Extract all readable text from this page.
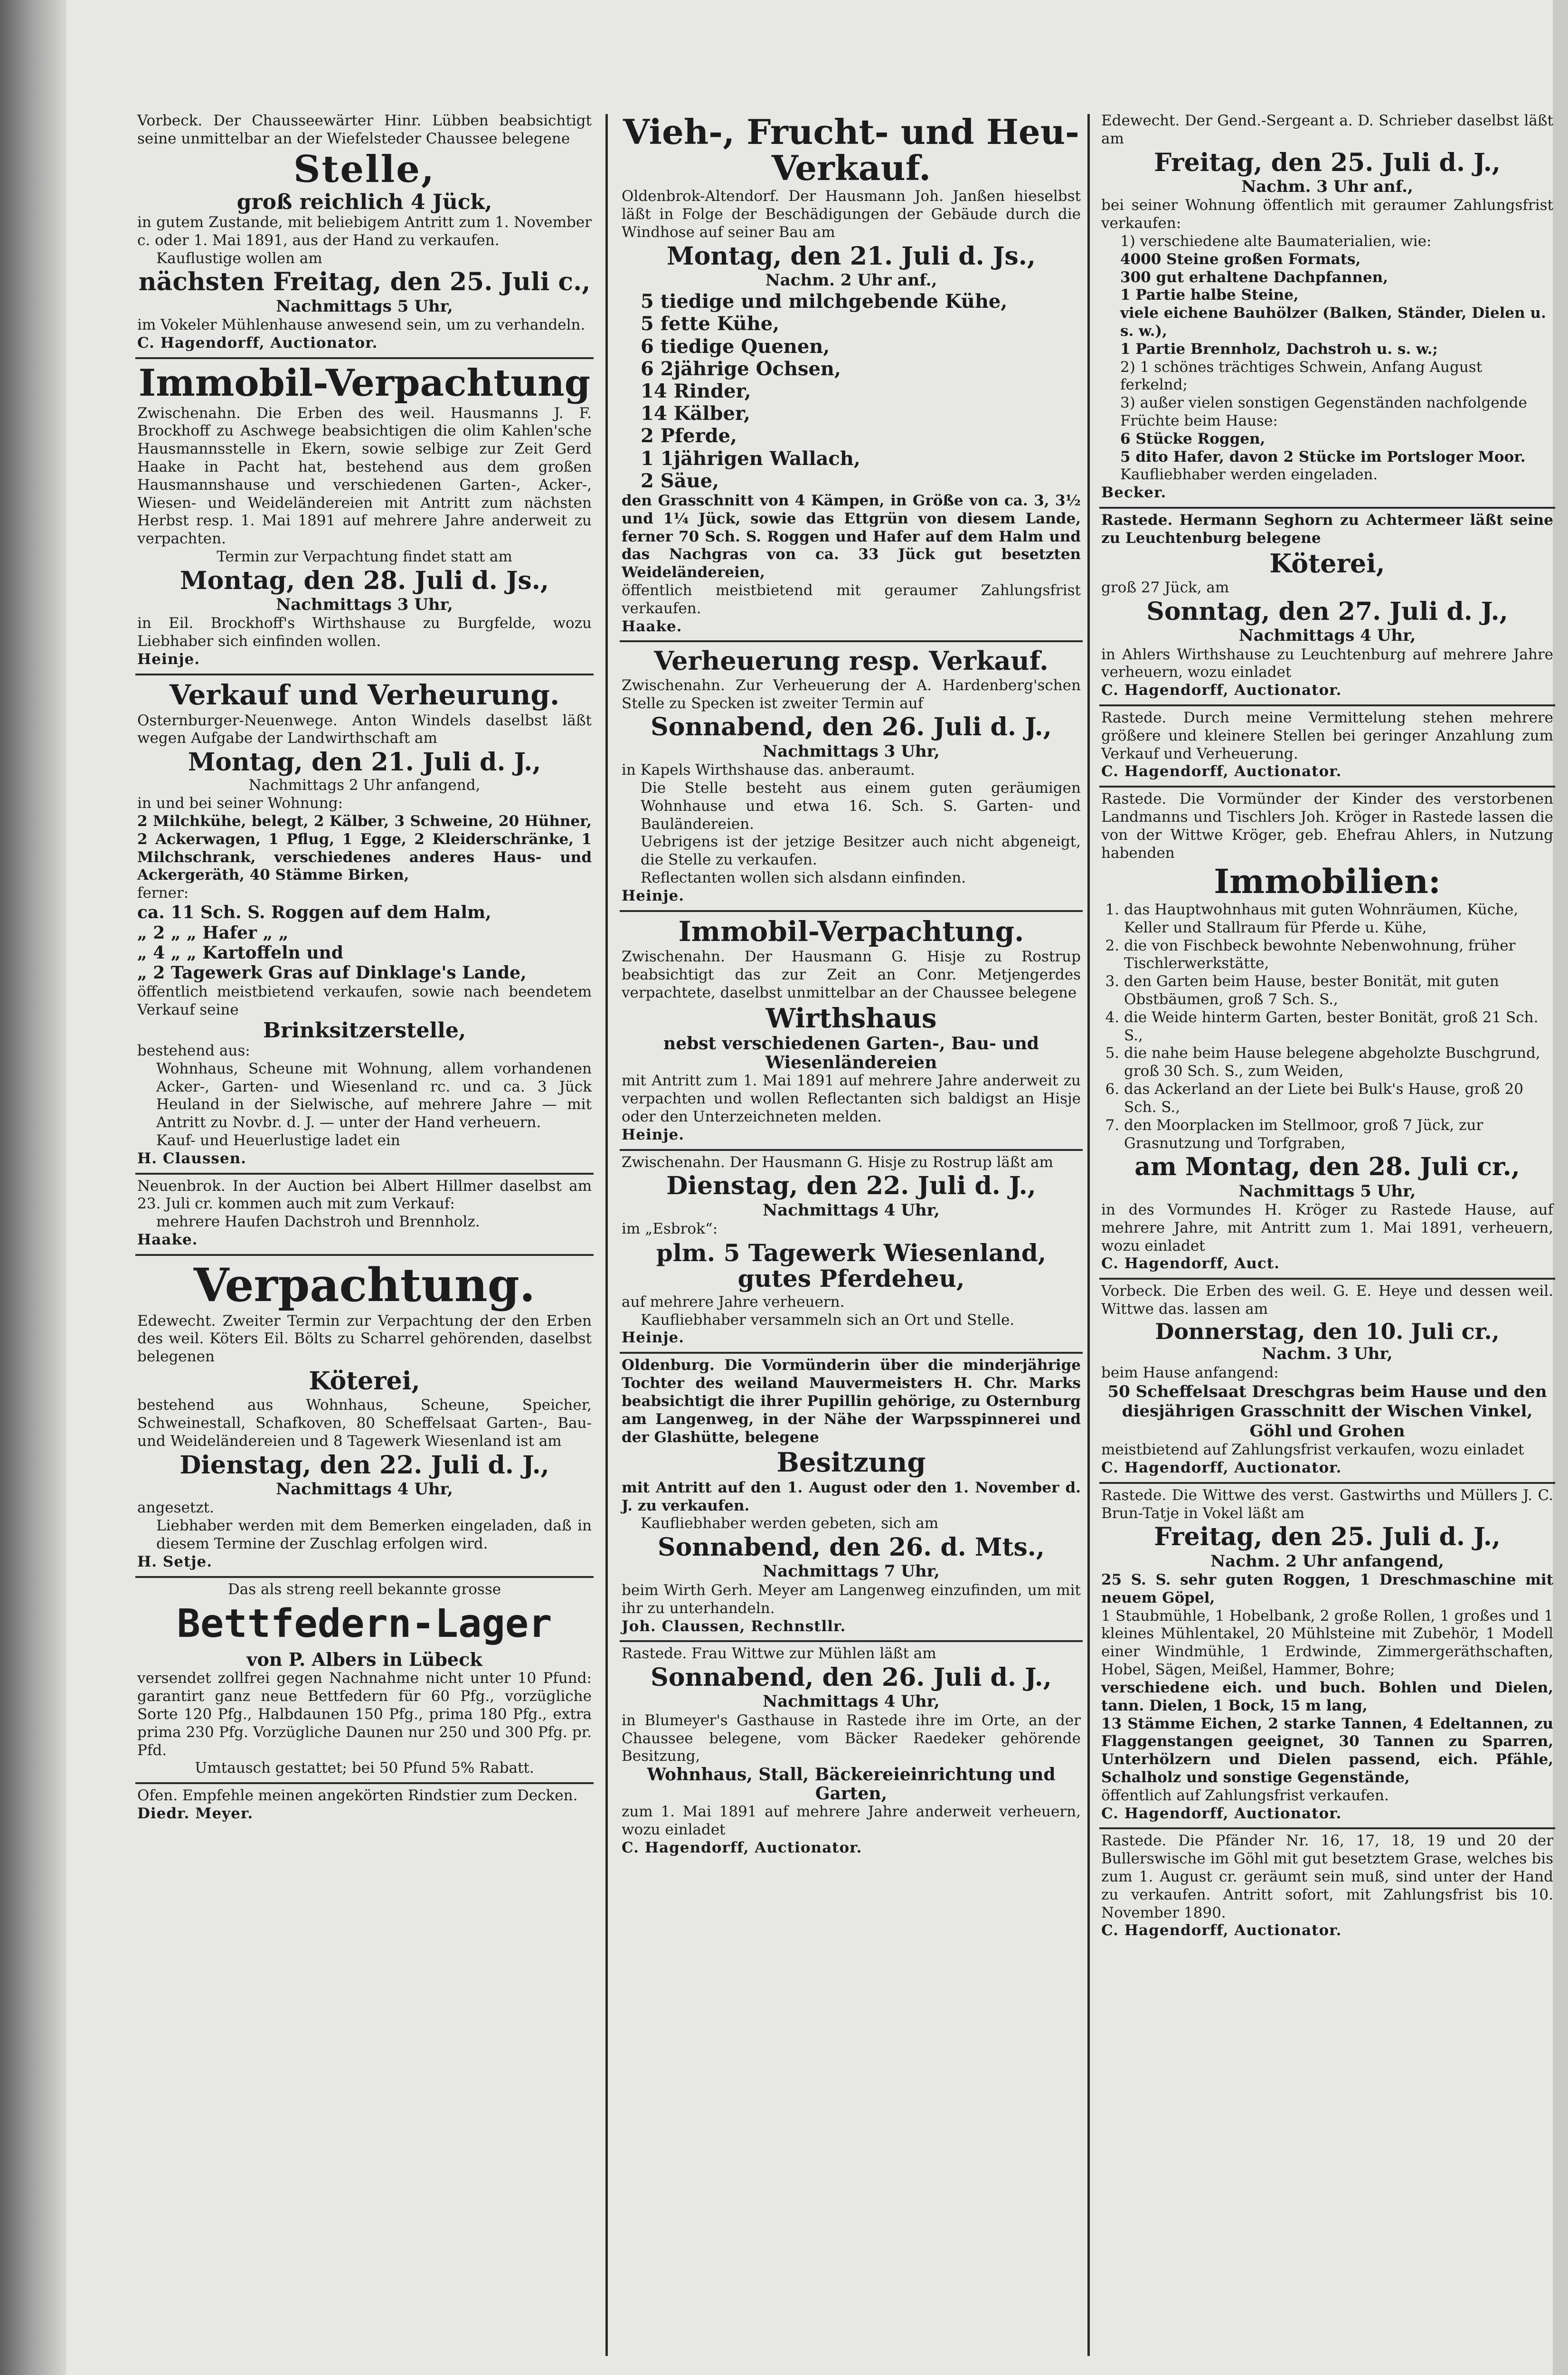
Vorbeck. Der Chausseewärter Hinr. Lübben beabsichtigt seine unmittelbar an der Wiefelsteder Chaussee belegene

Stelle,
groß reichlich 4 Jück,

in gutem Zustande, mit beliebigem Antritt zum 1. November c. oder 1. Mai 1891, aus der Hand zu verkaufen.

Kauflustige wollen am

nächsten Freitag, den 25. Juli c.,
Nachmittags 5 Uhr,

im Vokeler Mühlenhause anwesend sein, um zu verhandeln.

C. Hagendorff, Auctionator.

Immobil-Verpachtung

Zwischenahn. Die Erben des weil. Hausmanns J. F. Brockhoff zu Aschwege beabsichtigen die olim Kahlen'sche Hausmannsstelle in Ekern, sowie selbige zur Zeit Gerd Haake in Pacht hat, bestehend aus dem großen Hausmannshause und verschiedenen Garten-, Acker-, Wiesen- und Weideländereien mit Antritt zum nächsten Herbst resp. 1. Mai 1891 auf mehrere Jahre anderweit zu verpachten.

Termin zur Verpachtung findet statt am

Montag, den 28. Juli d. Js.,
Nachmittags 3 Uhr,

in Eil. Brockhoff's Wirthshause zu Burgfelde, wozu Liebhaber sich einfinden wollen.

Heinje.

Verkauf und Verheurung.

Osternburger-Neuenwege. Anton Windels daselbst läßt wegen Aufgabe der Landwirthschaft am

Montag, den 21. Juli d. J.,

Nachmittags 2 Uhr anfangend,

in und bei seiner Wohnung:

2 Milchkühe, belegt, 2 Kälber, 3 Schweine, 20 Hühner, 2 Ackerwagen, 1 Pflug, 1 Egge, 2 Kleiderschränke, 1 Milchschrank, verschiedenes anderes Haus- und Ackergeräth, 40 Stämme Birken,

ferner:

ca. 11 Sch. S. Roggen auf dem Halm,
„ 2 „ „ Hafer „ „
„ 4 „ „ Kartoffeln und
„ 2 Tagewerk Gras auf Dinklage's Lande,

öffentlich meistbietend verkaufen, sowie nach beendetem Verkauf seine

Brinksitzerstelle,

bestehend aus:

Wohnhaus, Scheune mit Wohnung, allem vorhandenen Acker-, Garten- und Wiesenland rc. und ca. 3 Jück Heuland in der Sielwische, auf mehrere Jahre — mit Antritt zu Novbr. d. J. — unter der Hand verheuern.

Kauf- und Heuerlustige ladet ein

H. Claussen.

Neuenbrok. In der Auction bei Albert Hillmer daselbst am 23. Juli cr. kommen auch mit zum Verkauf:

mehrere Haufen Dachstroh und Brennholz.

Haake.

Verpachtung.

Edewecht. Zweiter Termin zur Verpachtung der den Erben des weil. Köters Eil. Bölts zu Scharrel gehörenden, daselbst belegenen

Köterei,

bestehend aus Wohnhaus, Scheune, Speicher, Schweinestall, Schafkoven, 80 Scheffelsaat Garten-, Bau- und Weideländereien und 8 Tagewerk Wiesenland ist am

Dienstag, den 22. Juli d. J.,
Nachmittags 4 Uhr,

angesetzt.

Liebhaber werden mit dem Bemerken eingeladen, daß in diesem Termine der Zuschlag erfolgen wird.

H. Setje.

Das als streng reell bekannte grosse

Bettfedern-Lager

von P. Albers in Lübeck

versendet zollfrei gegen Nachnahme nicht unter 10 Pfund: garantirt ganz neue Bettfedern für 60 Pfg., vorzügliche Sorte 120 Pfg., Halbdaunen 150 Pfg., prima 180 Pfg., extra prima 230 Pfg. Vorzügliche Daunen nur 250 und 300 Pfg. pr. Pfd.

Umtausch gestattet; bei 50 Pfund 5% Rabatt.

Ofen. Empfehle meinen angekörten Rindstier zum Decken.

Diedr. Meyer.

Vieh-, Frucht- und Heu-Verkauf.

Oldenbrok-Altendorf. Der Hausmann Joh. Janßen hieselbst läßt in Folge der Beschädigungen der Gebäude durch die Windhose auf seiner Bau am

Montag, den 21. Juli d. Js.,
Nachm. 2 Uhr anf.,
5 tiedige und milchgebende Kühe,
5 fette Kühe,
6 tiedige Quenen,
6 2jährige Ochsen,
14 Rinder,
14 Kälber,
2 Pferde,
1 1jährigen Wallach,
2 Säue,

den Grasschnitt von 4 Kämpen, in Größe von ca. 3, 3½ und 1¼ Jück, sowie das Ettgrün von diesem Lande, ferner 70 Sch. S. Roggen und Hafer auf dem Halm und das Nachgras von ca. 33 Jück gut besetzten Weideländereien,

öffentlich meistbietend mit geraumer Zahlungsfrist verkaufen.

Haake.

Verheuerung resp. Verkauf.

Zwischenahn. Zur Verheuerung der A. Hardenberg'schen Stelle zu Specken ist zweiter Termin auf

Sonnabend, den 26. Juli d. J.,
Nachmittags 3 Uhr,

in Kapels Wirthshause das. anberaumt.

Die Stelle besteht aus einem guten geräumigen Wohnhause und etwa 16. Sch. S. Garten- und Bauländereien.

Uebrigens ist der jetzige Besitzer auch nicht abgeneigt, die Stelle zu verkaufen.

Reflectanten wollen sich alsdann einfinden.

Heinje.

Immobil-Verpachtung.

Zwischenahn. Der Hausmann G. Hisje zu Rostrup beabsichtigt das zur Zeit an Conr. Metjengerdes verpachtete, daselbst unmittelbar an der Chaussee belegene

Wirthshaus

nebst verschiedenen Garten-, Bau- und Wiesenländereien

mit Antritt zum 1. Mai 1891 auf mehrere Jahre anderweit zu verpachten und wollen Reflectanten sich baldigst an Hisje oder den Unterzeichneten melden.

Heinje.

Zwischenahn. Der Hausmann G. Hisje zu Rostrup läßt am

Dienstag, den 22. Juli d. J.,
Nachmittags 4 Uhr,

im „Esbrok“:

plm. 5 Tagewerk Wiesenland, gutes Pferdeheu,

auf mehrere Jahre verheuern.

Kaufliebhaber versammeln sich an Ort und Stelle.

Heinje.

Oldenburg. Die Vormünderin über die minderjährige Tochter des weiland Mauvermeisters H. Chr. Marks beabsichtigt die ihrer Pupillin gehörige, zu Osternburg am Langenweg, in der Nähe der Warpsspinnerei und der Glashütte, belegene

Besitzung

mit Antritt auf den 1. August oder den 1. November d. J. zu verkaufen.

Kaufliebhaber werden gebeten, sich am

Sonnabend, den 26. d. Mts.,
Nachmittags 7 Uhr,

beim Wirth Gerh. Meyer am Langenweg einzufinden, um mit ihr zu unterhandeln.

Joh. Claussen, Rechnstllr.

Rastede. Frau Wittwe zur Mühlen läßt am

Sonnabend, den 26. Juli d. J.,
Nachmittags 4 Uhr,

in Blumeyer's Gasthause in Rastede ihre im Orte, an der Chaussee belegene, vom Bäcker Raedeker gehörende Besitzung,

Wohnhaus, Stall, Bäckereieinrichtung und Garten,

zum 1. Mai 1891 auf mehrere Jahre anderweit verheuern, wozu einladet

C. Hagendorff, Auctionator.

Edewecht. Der Gend.-Sergeant a. D. Schrieber daselbst läßt am

Freitag, den 25. Juli d. J.,
Nachm. 3 Uhr anf.,

bei seiner Wohnung öffentlich mit geraumer Zahlungsfrist verkaufen:

1) verschiedene alte Baumaterialien, wie:
4000 Steine großen Formats,
300 gut erhaltene Dachpfannen,
1 Partie halbe Steine,
viele eichene Bauhölzer (Balken, Ständer, Dielen u. s. w.),
1 Partie Brennholz, Dachstroh u. s. w.;
2) 1 schönes trächtiges Schwein, Anfang August ferkelnd;
3) außer vielen sonstigen Gegenständen nachfolgende Früchte beim Hause:
6 Stücke Roggen,
5 dito Hafer, davon 2 Stücke im Portsloger Moor.

Kaufliebhaber werden eingeladen.

Becker.

Rastede. Hermann Seghorn zu Achtermeer läßt seine zu Leuchtenburg belegene

Köterei,

groß 27 Jück, am

Sonntag, den 27. Juli d. J.,
Nachmittags 4 Uhr,

in Ahlers Wirthshause zu Leuchtenburg auf mehrere Jahre verheuern, wozu einladet

C. Hagendorff, Auctionator.

Rastede. Durch meine Vermittelung stehen mehrere größere und kleinere Stellen bei geringer Anzahlung zum Verkauf und Verheuerung.

C. Hagendorff, Auctionator.

Rastede. Die Vormünder der Kinder des verstorbenen Landmanns und Tischlers Joh. Kröger in Rastede lassen die von der Wittwe Kröger, geb. Ehefrau Ahlers, in Nutzung habenden

Immobilien:
1. das Hauptwohnhaus mit guten Wohnräumen, Küche, Keller und Stallraum für Pferde u. Kühe,
2. die von Fischbeck bewohnte Nebenwohnung, früher Tischlerwerkstätte,
3. den Garten beim Hause, bester Bonität, mit guten Obstbäumen, groß 7 Sch. S.,
4. die Weide hinterm Garten, bester Bonität, groß 21 Sch. S.,
5. die nahe beim Hause belegene abgeholzte Buschgrund, groß 30 Sch. S., zum Weiden,
6. das Ackerland an der Liete bei Bulk's Hause, groß 20 Sch. S.,
7. den Moorplacken im Stellmoor, groß 7 Jück, zur Grasnutzung und Torfgraben,
am Montag, den 28. Juli cr.,
Nachmittags 5 Uhr,

in des Vormundes H. Kröger zu Rastede Hause, auf mehrere Jahre, mit Antritt zum 1. Mai 1891, verheuern, wozu einladet

C. Hagendorff, Auct.

Vorbeck. Die Erben des weil. G. E. Heye und dessen weil. Wittwe das. lassen am

Donnerstag, den 10. Juli cr.,
Nachm. 3 Uhr,

beim Hause anfangend:

50 Scheffelsaat Dreschgras beim Hause und den diesjährigen Grasschnitt der Wischen Vinkel, Göhl und Grohen

meistbietend auf Zahlungsfrist verkaufen, wozu einladet

C. Hagendorff, Auctionator.

Rastede. Die Wittwe des verst. Gastwirths und Müllers J. C. Brun-Tatje in Vokel läßt am

Freitag, den 25. Juli d. J.,
Nachm. 2 Uhr anfangend,

25 S. S. sehr guten Roggen, 1 Dreschmaschine mit neuem Göpel,

1 Staubmühle, 1 Hobelbank, 2 große Rollen, 1 großes und 1 kleines Mühlentakel, 20 Mühlsteine mit Zubehör, 1 Modell einer Windmühle, 1 Erdwinde, Zimmergeräthschaften, Hobel, Sägen, Meißel, Hammer, Bohre;

verschiedene eich. und buch. Bohlen und Dielen, tann. Dielen, 1 Bock, 15 m lang,

13 Stämme Eichen, 2 starke Tannen, 4 Edeltannen, zu Flaggenstangen geeignet, 30 Tannen zu Sparren, Unterhölzern und Dielen passend, eich. Pfähle, Schalholz und sonstige Gegenstände,

öffentlich auf Zahlungsfrist verkaufen.

C. Hagendorff, Auctionator.

Rastede. Die Pfänder Nr. 16, 17, 18, 19 und 20 der Bullerswische im Göhl mit gut besetztem Grase, welches bis zum 1. August cr. geräumt sein muß, sind unter der Hand zu verkaufen. Antritt sofort, mit Zahlungsfrist bis 10. November 1890.

C. Hagendorff, Auctionator.
